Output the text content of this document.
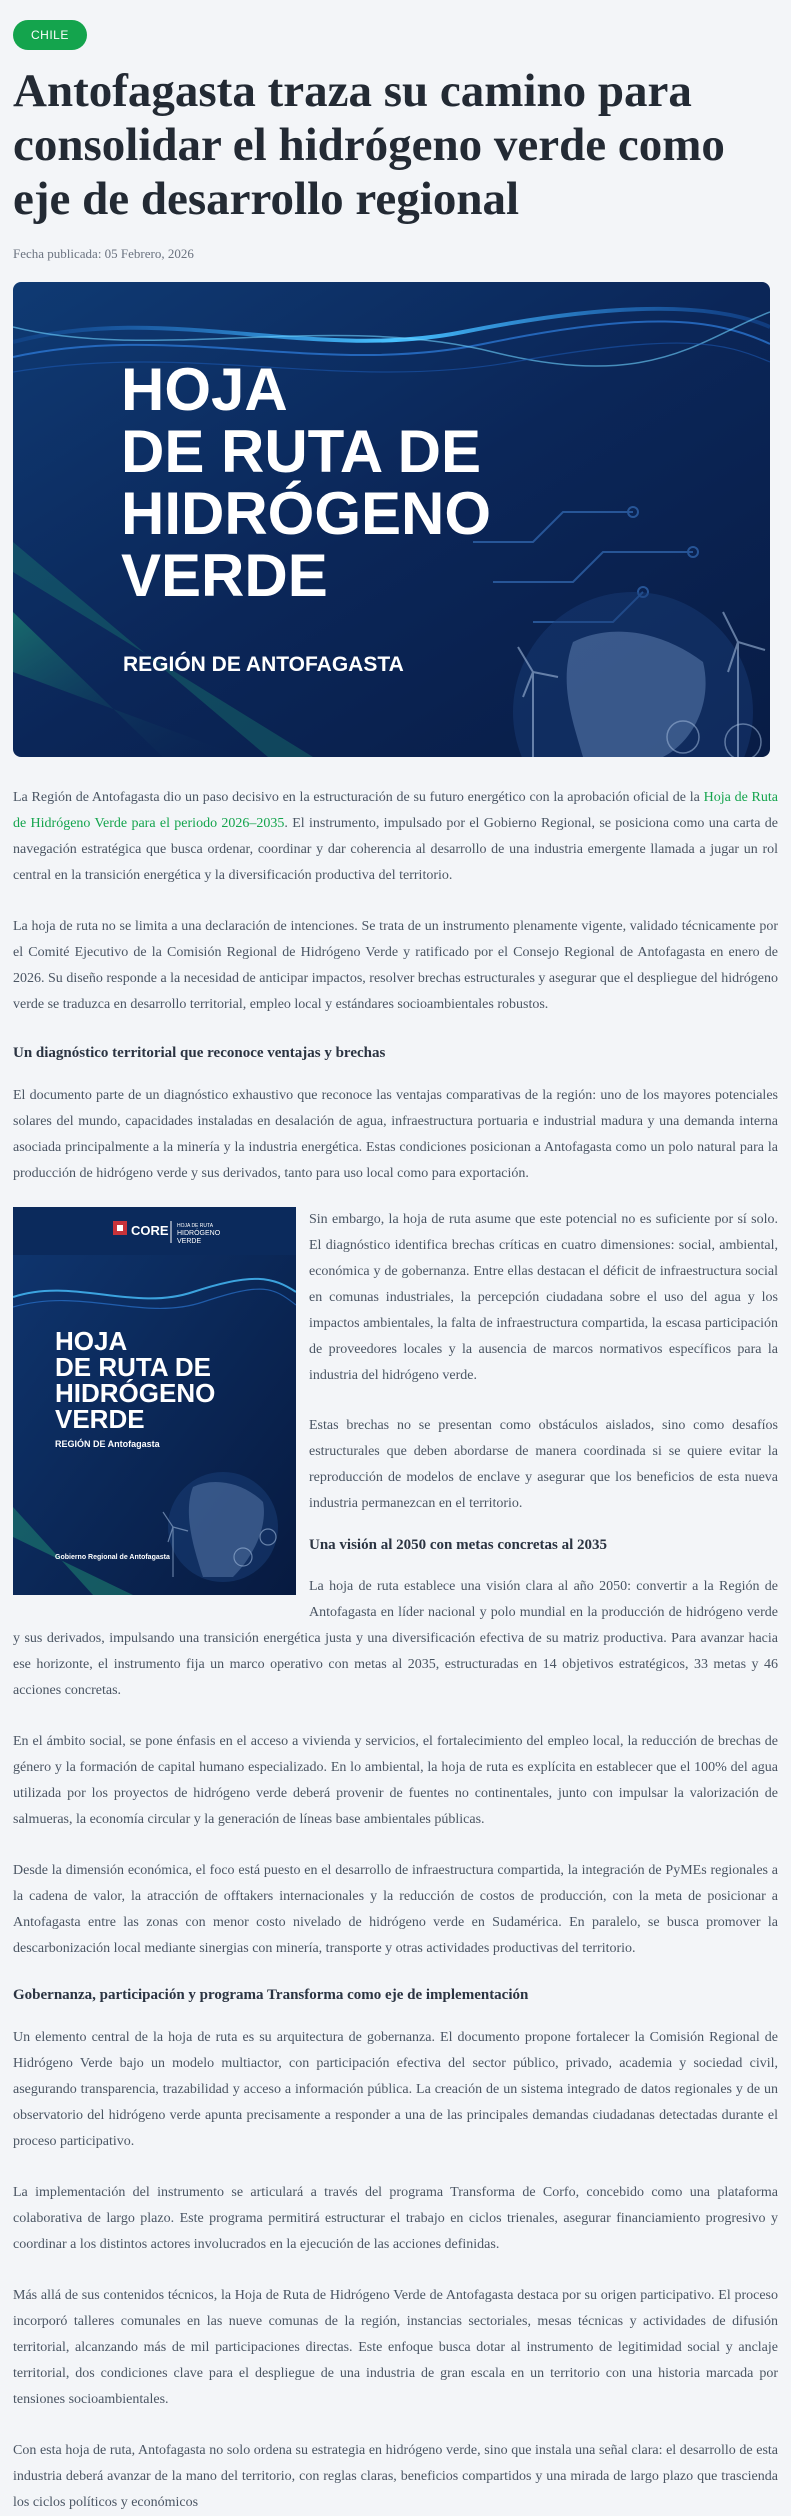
CHILE
Antofagasta traza su camino para consolidar el hidrógeno verde como eje de desarrollo regional
Fecha publicada: 05 Febrero, 2026
HOJA
DE RUTA DE
HIDRÓGENO
VERDE
REGIÓN DE ANTOFAGASTA

La Región de Antofagasta dio un paso decisivo en la estructuración de su futuro energético con la aprobación oficial de la Hoja de Ruta de Hidrógeno Verde para el periodo 2026–2035. El instrumento, impulsado por el Gobierno Regional, se posiciona como una carta de navegación estratégica que busca ordenar, coordinar y dar coherencia al desarrollo de una industria emergente llamada a jugar un rol central en la transición energética y la diversificación productiva del territorio.

La hoja de ruta no se limita a una declaración de intenciones. Se trata de un instrumento plenamente vigente, validado técnicamente por el Comité Ejecutivo de la Comisión Regional de Hidrógeno Verde y ratificado por el Consejo Regional de Antofagasta en enero de 2026. Su diseño responde a la necesidad de anticipar impactos, resolver brechas estructurales y asegurar que el despliegue del hidrógeno verde se traduzca en desarrollo territorial, empleo local y estándares socioambientales robustos.

Un diagnóstico territorial que reconoce ventajas y brechas

El documento parte de un diagnóstico exhaustivo que reconoce las ventajas comparativas de la región: uno de los mayores potenciales solares del mundo, capacidades instaladas en desalación de agua, infraestructura portuaria e industrial madura y una demanda interna asociada principalmente a la minería y la industria energética. Estas condiciones posicionan a Antofagasta como un polo natural para la producción de hidrógeno verde y sus derivados, tanto para uso local como para exportación.

CORE HOJA DE RUTA
HIDRÓGENO
VERDE
HOJA
DE RUTA DE
HIDRÓGENO
VERDE
REGIÓN DE Antofagasta
Gobierno Regional de Antofagasta

Sin embargo, la hoja de ruta asume que este potencial no es suficiente por sí solo. El diagnóstico identifica brechas críticas en cuatro dimensiones: social, ambiental, económica y de gobernanza. Entre ellas destacan el déficit de infraestructura social en comunas industriales, la percepción ciudadana sobre el uso del agua y los impactos ambientales, la falta de infraestructura compartida, la escasa participación de proveedores locales y la ausencia de marcos normativos específicos para la industria del hidrógeno verde.

Estas brechas no se presentan como obstáculos aislados, sino como desafíos estructurales que deben abordarse de manera coordinada si se quiere evitar la reproducción de modelos de enclave y asegurar que los beneficios de esta nueva industria permanezcan en el territorio.

Una visión al 2050 con metas concretas al 2035

La hoja de ruta establece una visión clara al año 2050: convertir a la Región de Antofagasta en líder nacional y polo mundial en la producción de hidrógeno verde y sus derivados, impulsando una transición energética justa y una diversificación efectiva de su matriz productiva. Para avanzar hacia ese horizonte, el instrumento fija un marco operativo con metas al 2035, estructuradas en 14 objetivos estratégicos, 33 metas y 46 acciones concretas.

En el ámbito social, se pone énfasis en el acceso a vivienda y servicios, el fortalecimiento del empleo local, la reducción de brechas de género y la formación de capital humano especializado. En lo ambiental, la hoja de ruta es explícita en establecer que el 100% del agua utilizada por los proyectos de hidrógeno verde deberá provenir de fuentes no continentales, junto con impulsar la valorización de salmueras, la economía circular y la generación de líneas base ambientales públicas.

Desde la dimensión económica, el foco está puesto en el desarrollo de infraestructura compartida, la integración de PyMEs regionales a la cadena de valor, la atracción de offtakers internacionales y la reducción de costos de producción, con la meta de posicionar a Antofagasta entre las zonas con menor costo nivelado de hidrógeno verde en Sudamérica. En paralelo, se busca promover la descarbonización local mediante sinergias con minería, transporte y otras actividades productivas del territorio.

Gobernanza, participación y programa Transforma como eje de implementación

Un elemento central de la hoja de ruta es su arquitectura de gobernanza. El documento propone fortalecer la Comisión Regional de Hidrógeno Verde bajo un modelo multiactor, con participación efectiva del sector público, privado, academia y sociedad civil, asegurando transparencia, trazabilidad y acceso a información pública. La creación de un sistema integrado de datos regionales y de un observatorio del hidrógeno verde apunta precisamente a responder a una de las principales demandas ciudadanas detectadas durante el proceso participativo.

La implementación del instrumento se articulará a través del programa Transforma de Corfo, concebido como una plataforma colaborativa de largo plazo. Este programa permitirá estructurar el trabajo en ciclos trienales, asegurar financiamiento progresivo y coordinar a los distintos actores involucrados en la ejecución de las acciones definidas.

Más allá de sus contenidos técnicos, la Hoja de Ruta de Hidrógeno Verde de Antofagasta destaca por su origen participativo. El proceso incorporó talleres comunales en las nueve comunas de la región, instancias sectoriales, mesas técnicas y actividades de difusión territorial, alcanzando más de mil participaciones directas. Este enfoque busca dotar al instrumento de legitimidad social y anclaje territorial, dos condiciones clave para el despliegue de una industria de gran escala en un territorio con una historia marcada por tensiones socioambientales.

Con esta hoja de ruta, Antofagasta no solo ordena su estrategia en hidrógeno verde, sino que instala una señal clara: el desarrollo de esta industria deberá avanzar de la mano del territorio, con reglas claras, beneficios compartidos y una mirada de largo plazo que trascienda los ciclos políticos y económicos
